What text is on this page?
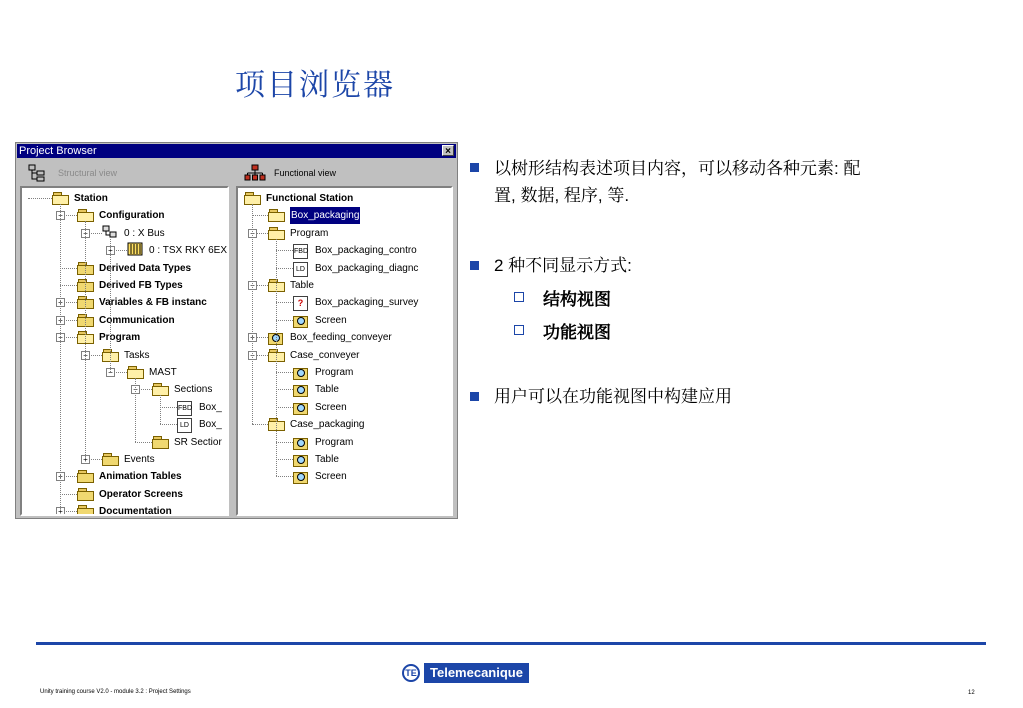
项目浏览器
Project Browser	×
Structural view
Station
−	Configuration
−	0 : X Bus
+	0 : TSX RKY 6EX
Derived Data Types
Derived FB Types
+	Variables & FB instanc
+	Communication
−	Program
−	Tasks
−	MAST
−	Sections
FBD Box_
LD	Box_
SR Sectior
+	Events
+	Animation Tables
Operator Screens
+	Documentation
Functional view
Functional Station
Box_packaging
−	Program
FBD Box_packaging_contro
LD	Box_packaging_diagnc
−	Table
?	Box_packaging_survey
Screen
+	Box_feeding_conveyer
−	Case_conveyer
Program
Table
Screen
Case_packaging
Program
Table
Screen
以树形结构表述项目内容，可以移动各种元素: 配
置, 数据, 程序, 等.
2 种不同显示方式:
结构视图
功能视图
用户可以在功能视图中构建应用
TE	Telemecanique
Unity training course V2.0 - module 3.2 : Project Settings	12
